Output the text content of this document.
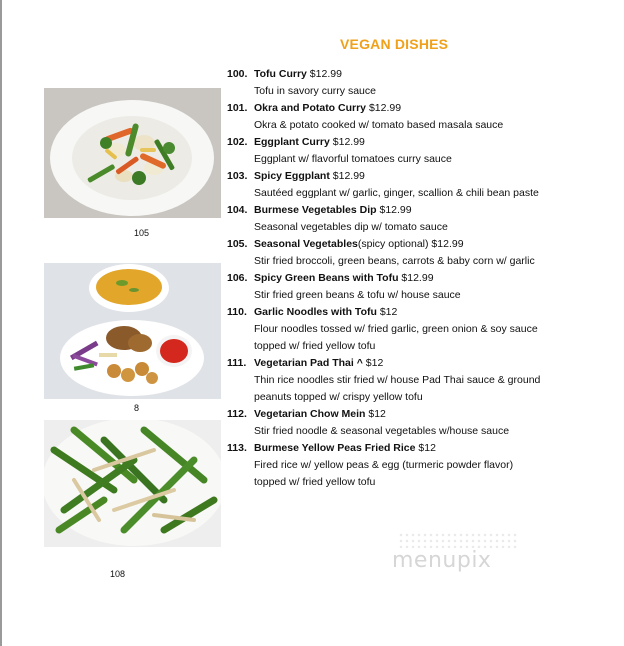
VEGAN DISHES
105
8
108
100. Tofu Curry $12.99
Tofu in savory curry sauce
101. Okra and Potato Curry $12.99
Okra & potato cooked w/ tomato based masala sauce
102. Eggplant Curry $12.99
Eggplant w/ flavorful tomatoes curry sauce
103. Spicy Eggplant $12.99
Sautéed eggplant w/ garlic, ginger, scallion & chili bean paste
104. Burmese Vegetables Dip $12.99
Seasonal vegetables dip w/ tomato sauce
105. Seasonal Vegetables(spicy optional) $12.99
Stir fried broccoli, green beans, carrots & baby corn w/ garlic
106. Spicy Green Beans with Tofu $12.99
Stir fried green beans & tofu w/ house sauce
110. Garlic Noodles with Tofu $12
Flour noodles tossed w/ fried garlic, green onion & soy sauce
topped w/ fried yellow tofu
111. Vegetarian Pad Thai ^ $12
Thin rice noodles stir fried w/ house Pad Thai sauce & ground
peanuts topped w/ crispy yellow tofu
112. Vegetarian Chow Mein $12
Stir fried noodle & seasonal vegetables w/house sauce
113. Burmese Yellow Peas Fried Rice $12
Fired rice w/ yellow peas & egg (turmeric powder flavor)
topped w/ fried yellow tofu
menupix
